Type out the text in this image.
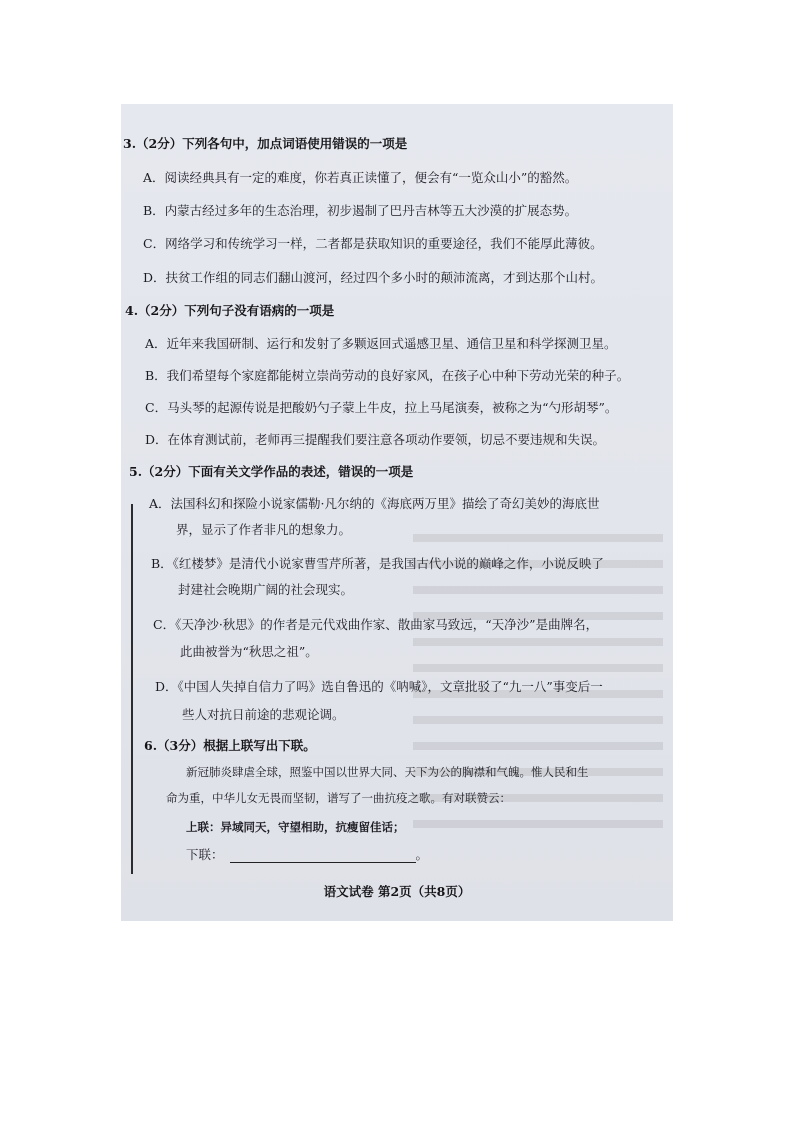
3.（2分）下列各句中，加点词语使用错误的一项是
A．阅读经典具有一定的难度，你若真正读懂了，便会有“一览众山小”的豁然。
B．内蒙古经过多年的生态治理，初步遏制了巴丹吉林等五大沙漠的扩展态势。
C．网络学习和传统学习一样，二者都是获取知识的重要途径，我们不能厚此薄彼。
D．扶贫工作组的同志们翻山渡河，经过四个多小时的颠沛流离，才到达那个山村。
4.（2分）下列句子没有语病的一项是
A．近年来我国研制、运行和发射了多颗返回式遥感卫星、通信卫星和科学探测卫星。
B．我们希望每个家庭都能树立崇尚劳动的良好家风，在孩子心中种下劳动光荣的种子。
C．马头琴的起源传说是把酸奶勺子蒙上牛皮，拉上马尾演奏，被称之为“勺形胡琴”。
D．在体育测试前，老师再三提醒我们要注意各项动作要领，切忌不要违规和失误。
5.（2分）下面有关文学作品的表述，错误的一项是
A．法国科幻和探险小说家儒勒·凡尔纳的《海底两万里》描绘了奇幻美妙的海底世
界，显示了作者非凡的想象力。
B．《红楼梦》是清代小说家曹雪芹所著，是我国古代小说的巅峰之作，小说反映了
封建社会晚期广阔的社会现实。
C．《天净沙·秋思》的作者是元代戏曲作家、散曲家马致远，“天净沙”是曲牌名，
此曲被誉为“秋思之祖”。
D．《中国人失掉自信力了吗》选自鲁迅的《呐喊》，文章批驳了“九一八”事变后一
些人对抗日前途的悲观论调。
6.（3分）根据上联写出下联。
新冠肺炎肆虐全球，照鉴中国以世界大同、天下为公的胸襟和气魄。惟人民和生
命为重，中华儿女无畏而坚韧，谱写了一曲抗疫之歌。有对联赞云：
上联：异域同天，守望相助，抗瘦留佳话；
下联：	。
语文试卷 第2页（共8页）
